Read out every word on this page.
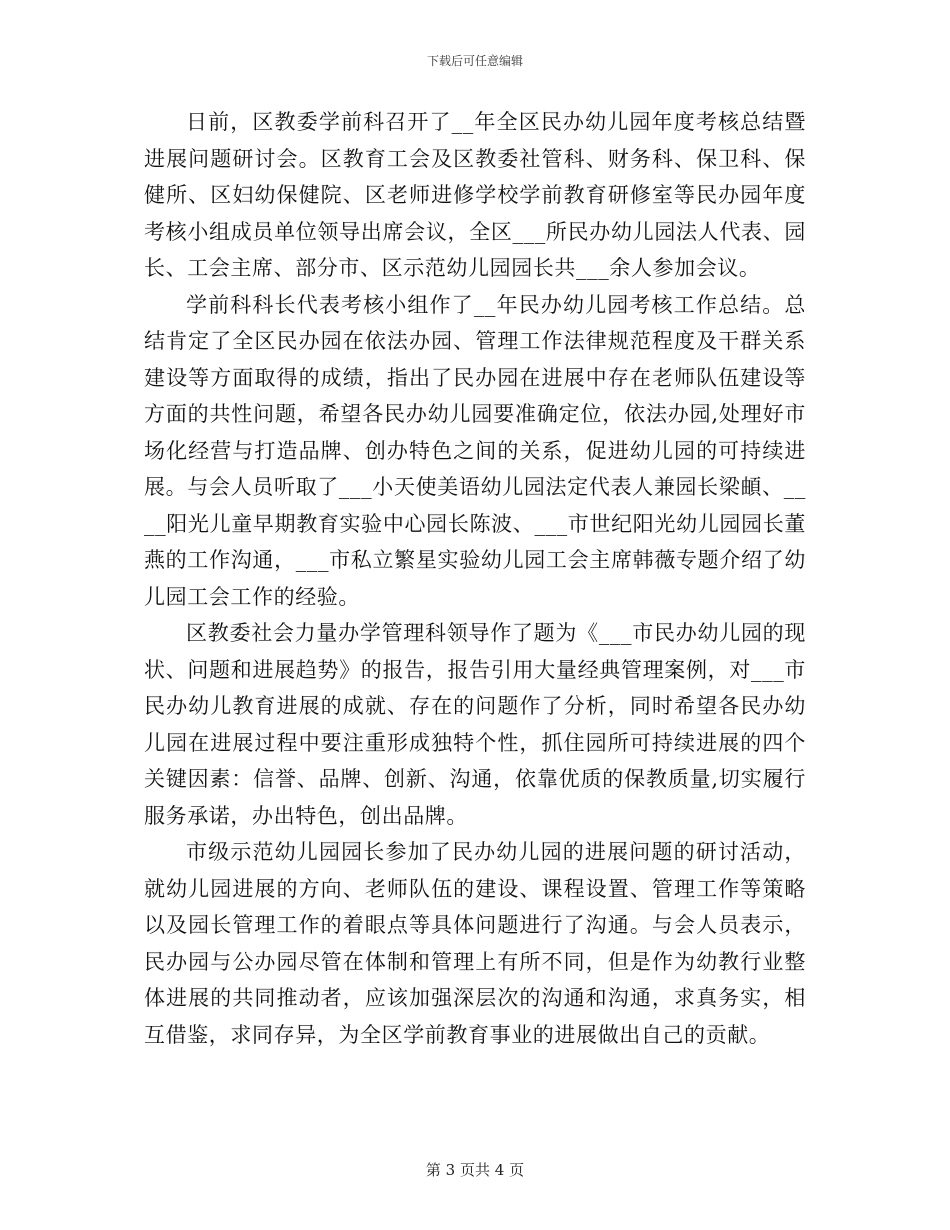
下载后可任意编辑

日前，区教委学前科召开了__年全区民办幼儿园年度考核总结暨进展问题研讨会。区教育工会及区教委社管科、财务科、保卫科、保健所、区妇幼保健院、区老师进修学校学前教育研修室等民办园年度考核小组成员单位领导出席会议，全区___所民办幼儿园法人代表、园长、工会主席、部分市、区示范幼儿园园长共___余人参加会议。

学前科科长代表考核小组作了__年民办幼儿园考核工作总结。总结肯定了全区民办园在依法办园、管理工作法律规范程度及干群关系建设等方面取得的成绩，指出了民办园在进展中存在老师队伍建设等方面的共性问题，希望各民办幼儿园要准确定位，依法办园,处理好市场化经营与打造品牌、创办特色之间的关系，促进幼儿园的可持续进展。与会人员听取了___小天使美语幼儿园法定代表人兼园长梁頔、____阳光儿童早期教育实验中心园长陈波、___市世纪阳光幼儿园园长董燕的工作沟通，___市私立繁星实验幼儿园工会主席韩薇专题介绍了幼儿园工会工作的经验。

区教委社会力量办学管理科领导作了题为《___市民办幼儿园的现状、问题和进展趋势》的报告，报告引用大量经典管理案例，对___市民办幼儿教育进展的成就、存在的问题作了分析，同时希望各民办幼儿园在进展过程中要注重形成独特个性，抓住园所可持续进展的四个关键因素：信誉、品牌、创新、沟通，依靠优质的保教质量,切实履行服务承诺，办出特色，创出品牌。

市级示范幼儿园园长参加了民办幼儿园的进展问题的研讨活动，就幼儿园进展的方向、老师队伍的建设、课程设置、管理工作等策略以及园长管理工作的着眼点等具体问题进行了沟通。与会人员表示，民办园与公办园尽管在体制和管理上有所不同，但是作为幼教行业整体进展的共同推动者，应该加强深层次的沟通和沟通，求真务实，相互借鉴，求同存异，为全区学前教育事业的进展做出自己的贡献。

第 3 页共 4 页
